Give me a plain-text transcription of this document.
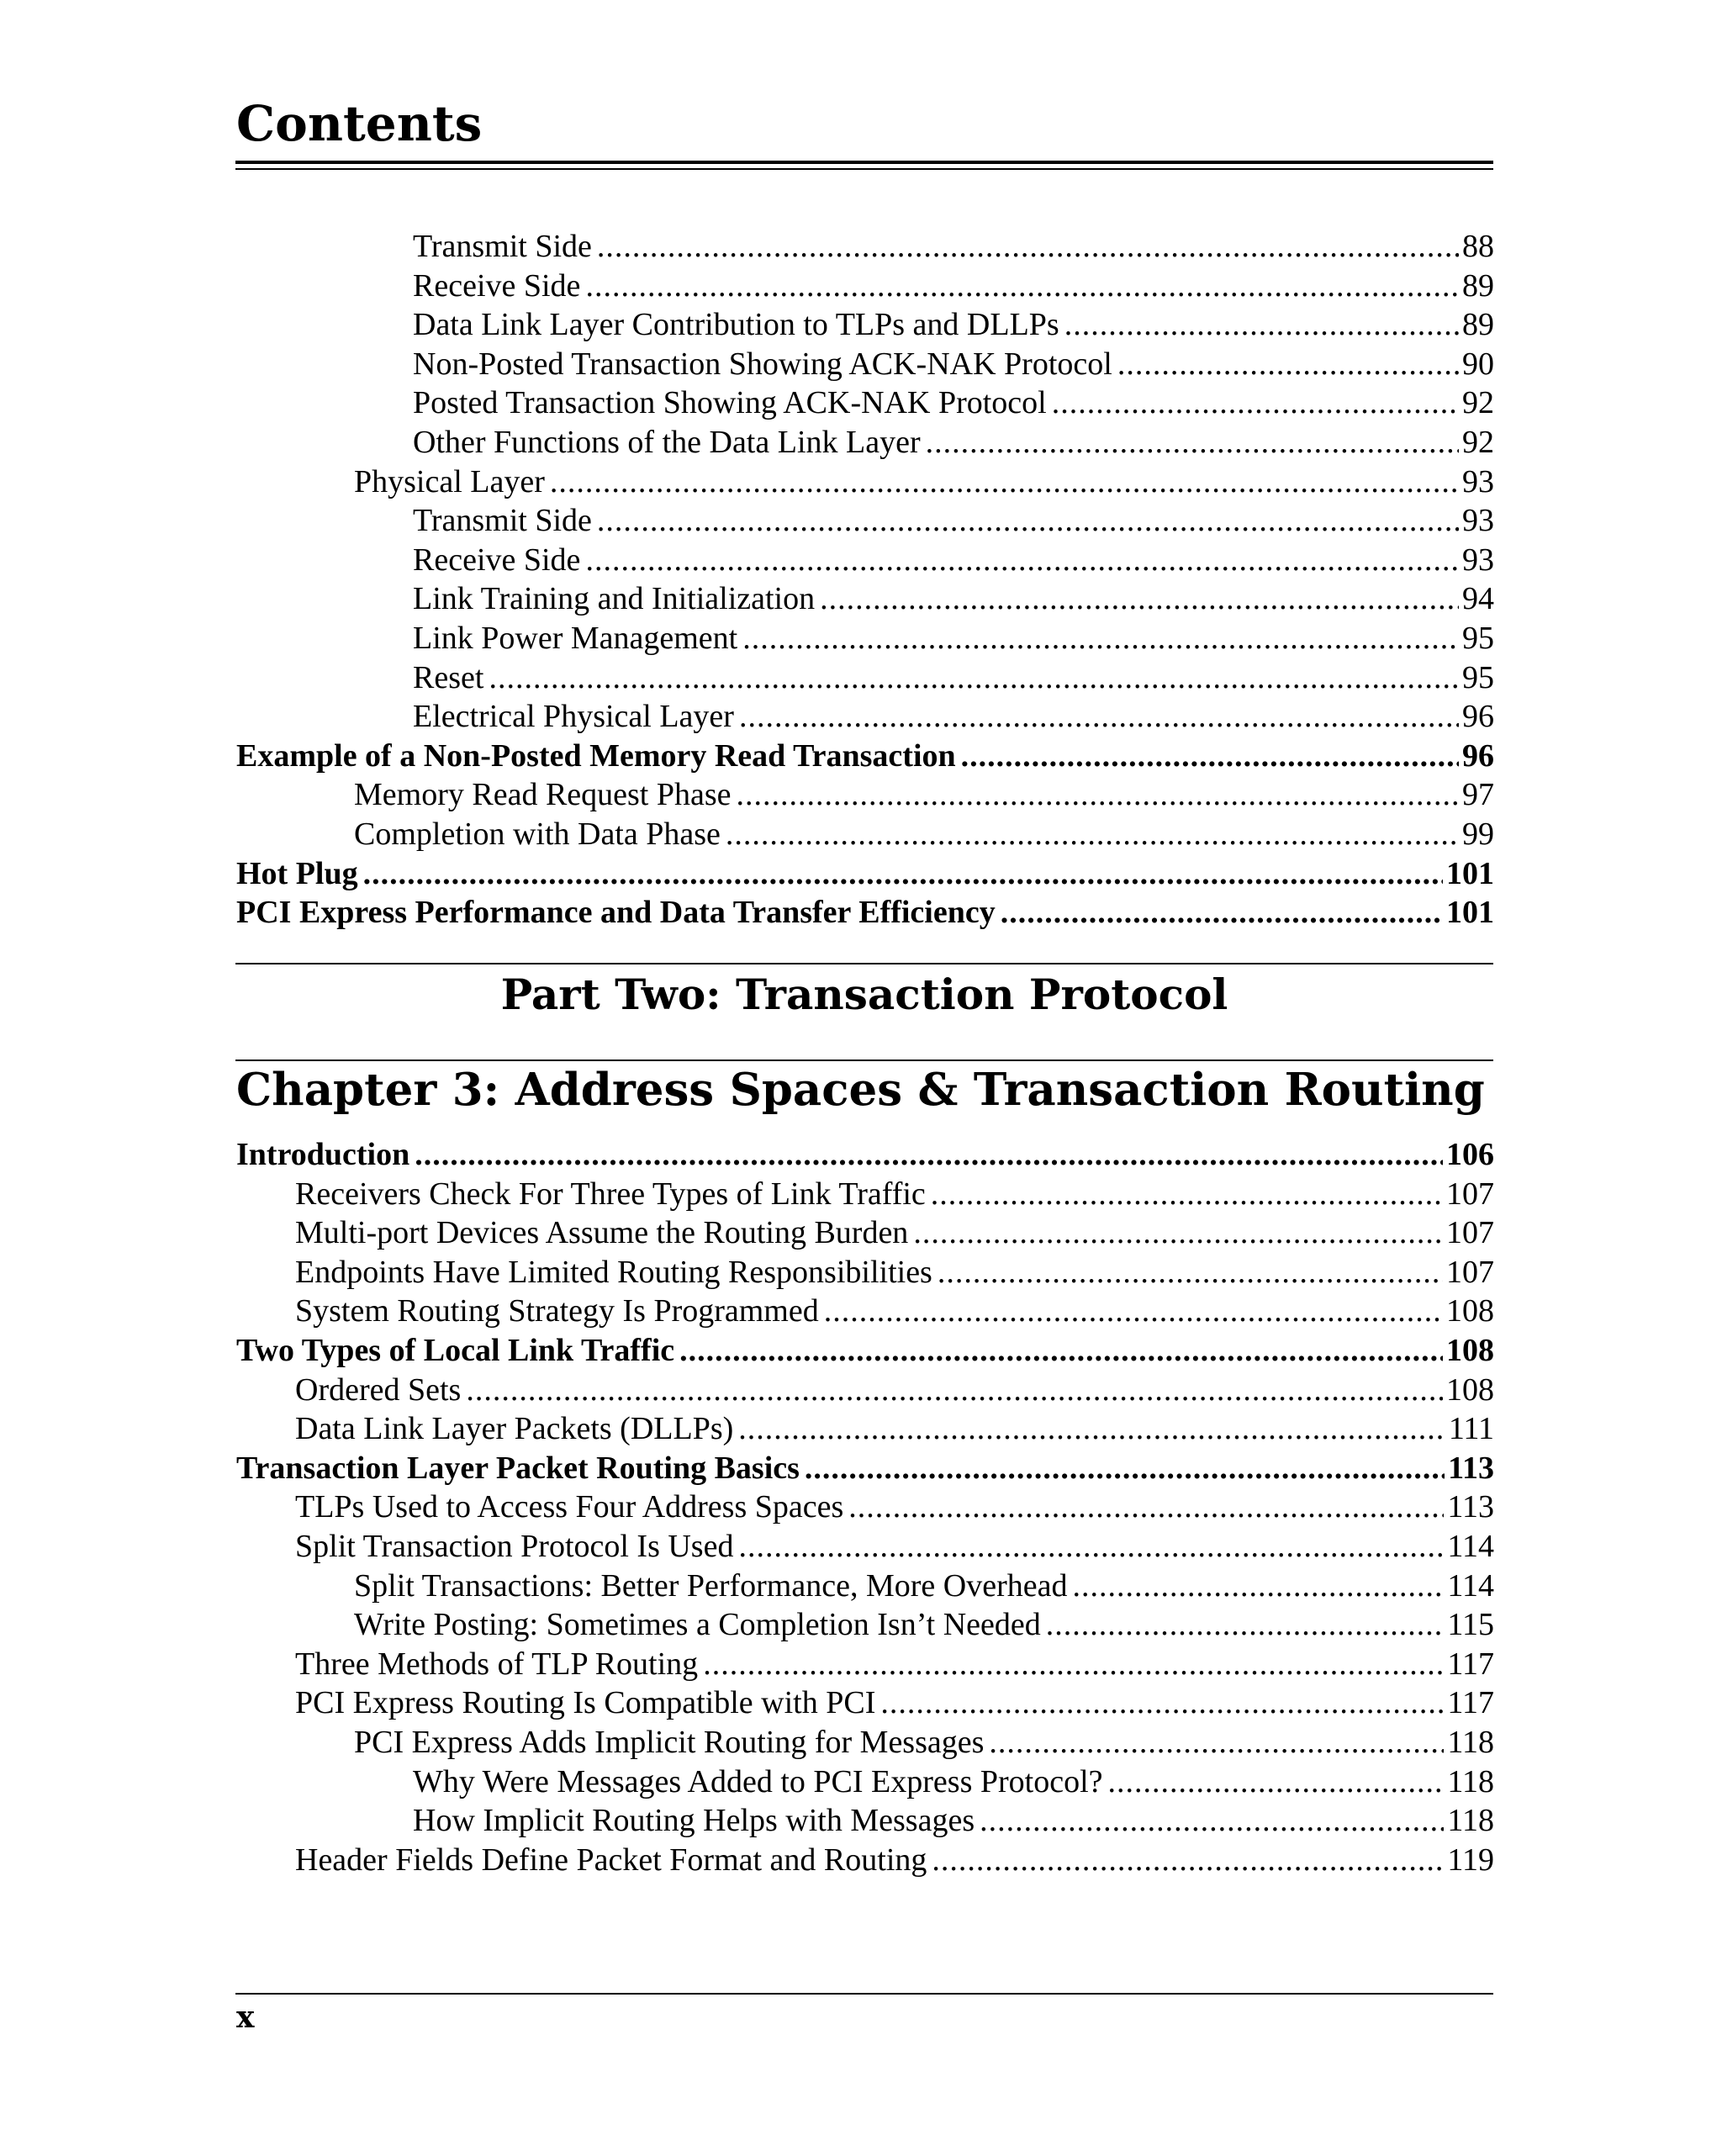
Contents
Transmit Side .....	88
Receive Side .....	89
Data Link Layer Contribution to TLPs and DLLPs .....	89
Non-Posted Transaction Showing ACK-NAK Protocol .....	90
Posted Transaction Showing ACK-NAK Protocol .....	92
Other Functions of the Data Link Layer .....	92
Physical Layer .....	93
Transmit Side .....	93
Receive Side .....	93
Link Training and Initialization .....	94
Link Power Management .....	95
Reset .....	95
Electrical Physical Layer .....	96
Example of a Non-Posted Memory Read Transaction .....	96
Memory Read Request Phase .....	97
Completion with Data Phase .....	99
Hot Plug .....	101
PCI Express Performance and Data Transfer Efficiency .....	101
Part Two: Transaction Protocol
Chapter 3: Address Spaces & Transaction Routing
Introduction .....	106
Receivers Check For Three Types of Link Traffic .....	107
Multi-port Devices Assume the Routing Burden .....	107
Endpoints Have Limited Routing Responsibilities .....	107
System Routing Strategy Is Programmed .....	108
Two Types of Local Link Traffic .....	108
Ordered Sets .....	108
Data Link Layer Packets (DLLPs) .....	111
Transaction Layer Packet Routing Basics .....	113
TLPs Used to Access Four Address Spaces .....	113
Split Transaction Protocol Is Used .....	114
Split Transactions: Better Performance, More Overhead .....	114
Write Posting: Sometimes a Completion Isn’t Needed .....	115
Three Methods of TLP Routing .....	117
PCI Express Routing Is Compatible with PCI .....	117
PCI Express Adds Implicit Routing for Messages .....	118
Why Were Messages Added to PCI Express Protocol? .....	118
How Implicit Routing Helps with Messages .....	118
Header Fields Define Packet Format and Routing .....	119
x
